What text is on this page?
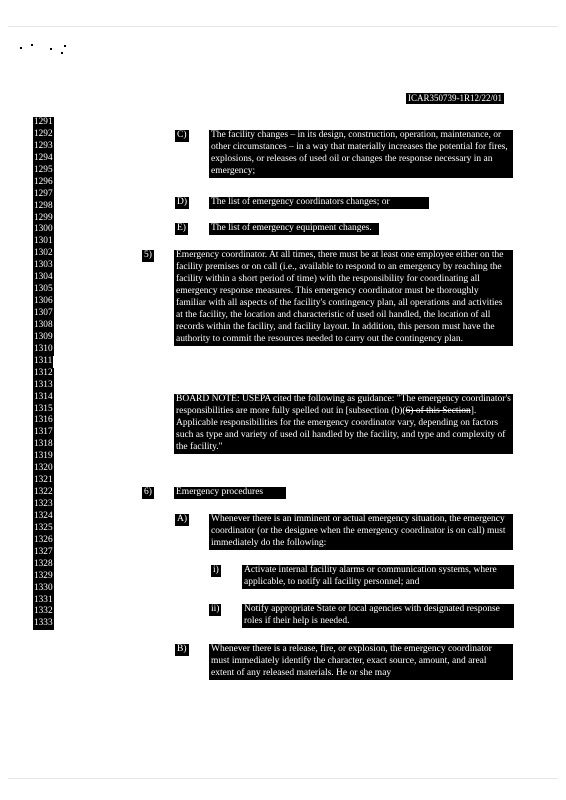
ICAR350739-1R12/22/01
1291
1292
1293
1294
1295
1296
1297
1298
1299
1300
1301
1302
1303
1304
1305
1306
1307
1308
1309
1310
1311
1312
1313
1314
1315
1316
1317
1318
1319
1320
1321
1322
1323
1324
1325
1326
1327
1328
1329
1330
1331
1332
1333
C)	The facility changes – in its design, construction, operation, maintenance, or other circumstances – in a way that materially increases the potential for fires, explosions, or releases of used oil or changes the response necessary in an emergency;
D)	The list of emergency coordinators changes; or
E)	The list of emergency equipment changes.
5)	Emergency coordinator. At all times, there must be at least one employee either on the facility premises or on call (i.e., available to respond to an emergency by reaching the facility within a short period of time) with the responsibility for coordinating all emergency response measures. This emergency coordinator must be thoroughly familiar with all aspects of the facility's contingency plan, all operations and activities at the facility, the location and characteristic of used oil handled, the location of all records within the facility, and facility layout. In addition, this person must have the authority to commit the resources needed to carry out the contingency plan.
BOARD NOTE: USEPA cited the following as guidance: "The emergency coordinator's responsibilities are more fully spelled out in [subsection (b)(6) of this Section]. Applicable responsibilities for the emergency coordinator vary, depending on factors such as type and variety of used oil handled by the facility, and type and complexity of the facility."
6)	Emergency procedures
A)	Whenever there is an imminent or actual emergency situation, the emergency coordinator (or the designee when the emergency coordinator is on call) must immediately do the following:
i)	Activate internal facility alarms or communication systems, where applicable, to notify all facility personnel; and
ii)	Notify appropriate State or local agencies with designated response roles if their help is needed.
B)	Whenever there is a release, fire, or explosion, the emergency coordinator must immediately identify the character, exact source, amount, and areal extent of any released materials. He or she may
